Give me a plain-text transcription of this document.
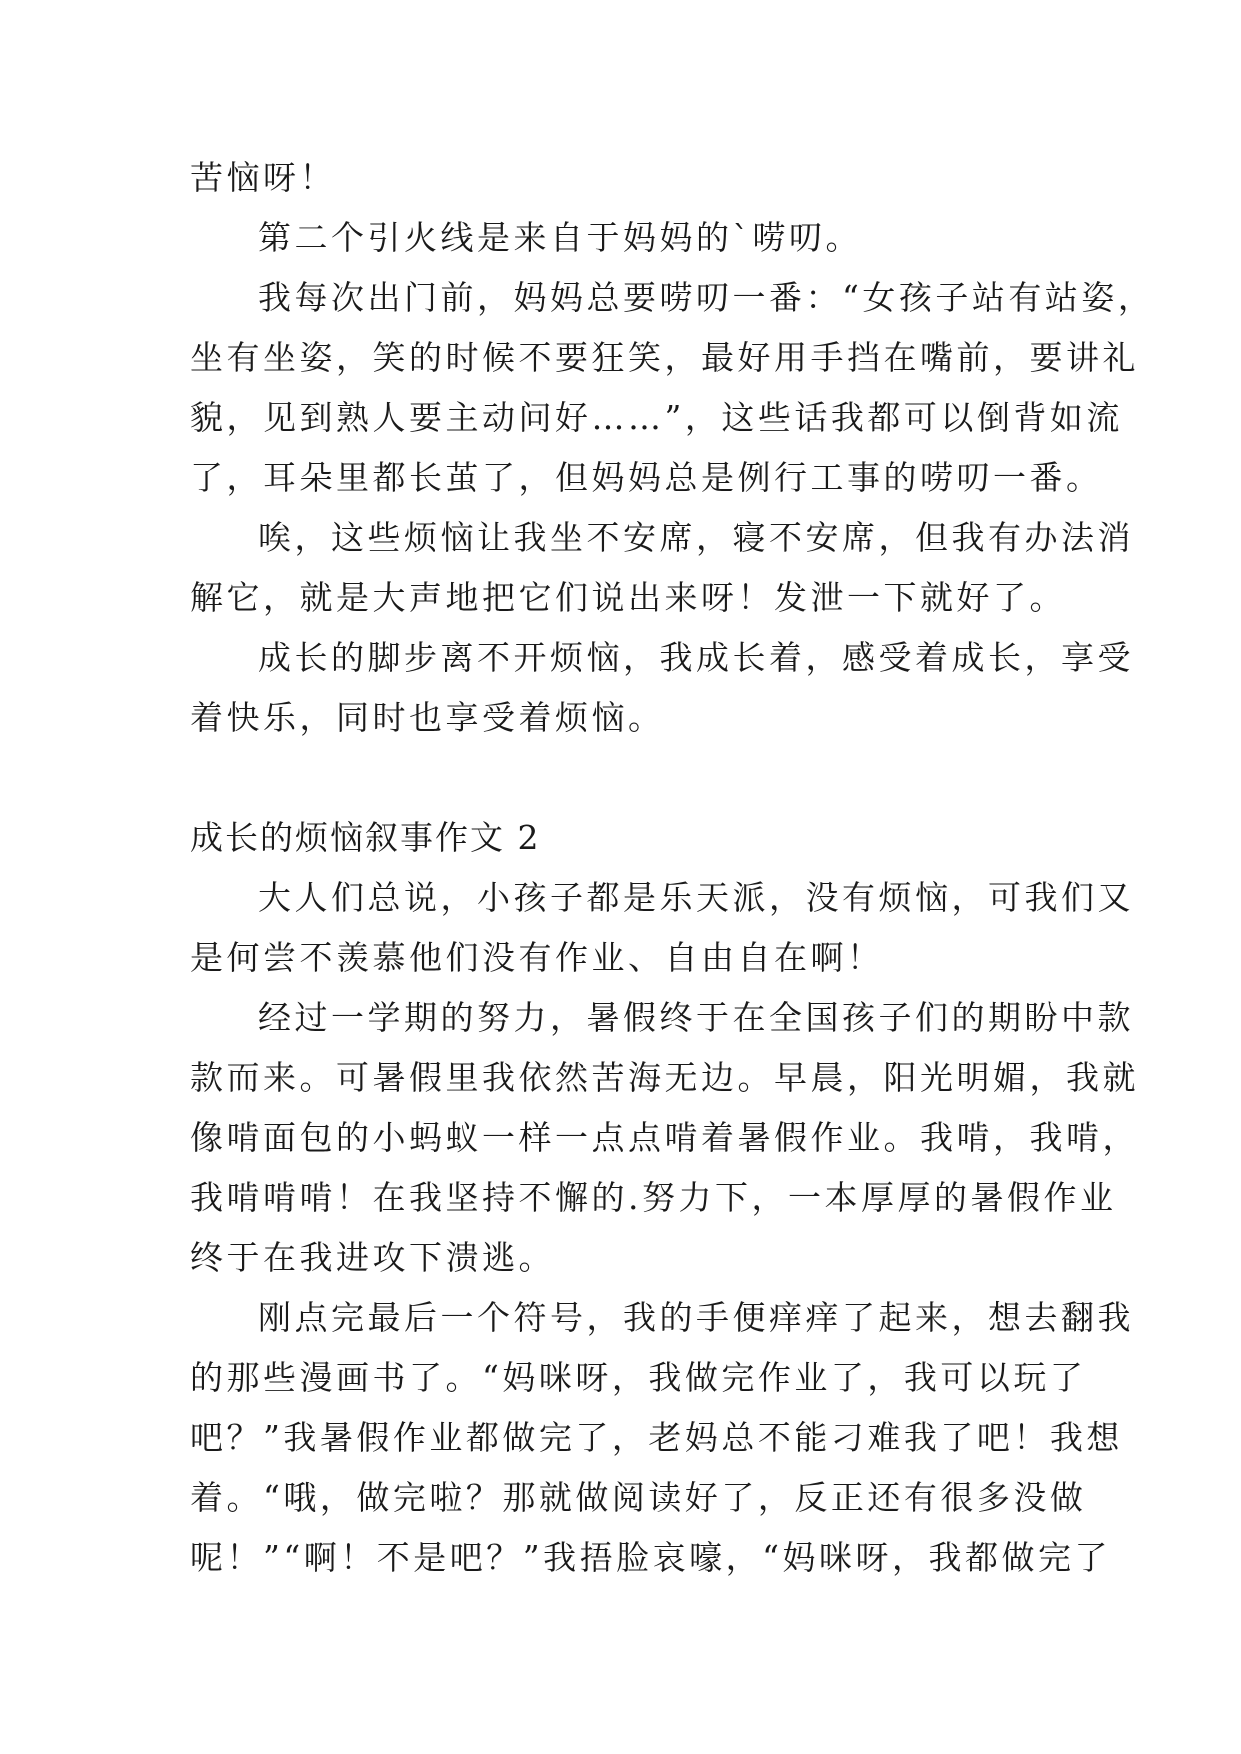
苦恼呀！
第二个引火线是来自于妈妈的`唠叨。
我每次出门前，妈妈总要唠叨一番：“女孩子站有站姿，
坐有坐姿，笑的时候不要狂笑，最好用手挡在嘴前，要讲礼
貌，见到熟人要主动问好……”，这些话我都可以倒背如流
了，耳朵里都长茧了，但妈妈总是例行工事的唠叨一番。
唉，这些烦恼让我坐不安席，寝不安席，但我有办法消
解它，就是大声地把它们说出来呀！发泄一下就好了。
成长的脚步离不开烦恼，我成长着，感受着成长，享受
着快乐，同时也享受着烦恼。
成长的烦恼叙事作文 2
大人们总说，小孩子都是乐天派，没有烦恼，可我们又
是何尝不羡慕他们没有作业、自由自在啊！
经过一学期的努力，暑假终于在全国孩子们的期盼中款
款而来。可暑假里我依然苦海无边。早晨，阳光明媚，我就
像啃面包的小蚂蚁一样一点点啃着暑假作业。我啃，我啃，
我啃啃啃！在我坚持不懈的.努力下，一本厚厚的暑假作业
终于在我进攻下溃逃。
刚点完最后一个符号，我的手便痒痒了起来，想去翻我
的那些漫画书了。“妈咪呀，我做完作业了，我可以玩了
吧？”我暑假作业都做完了，老妈总不能刁难我了吧！我想
着。“哦，做完啦？那就做阅读好了，反正还有很多没做
呢！”“啊！不是吧？”我捂脸哀嚎，“妈咪呀，我都做完了
